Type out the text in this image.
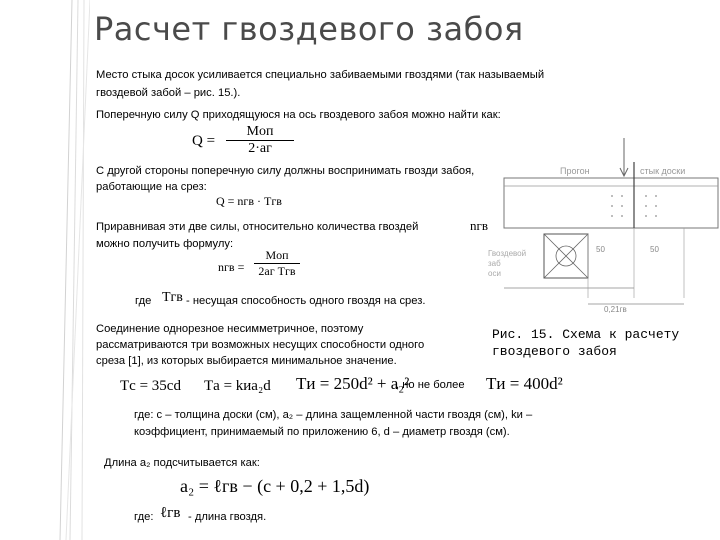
Расчет гвоздевого забоя
Место стыка досок усиливается специально забиваемыми гвоздями (так называемый
гвоздевой забой – рис. 15.).
Поперечную силу Q приходящуюся на ось гвоздевого забоя можно найти как:
Q =
Mоп
2·aг
С другой стороны поперечную силу должны воспринимать гвозди забоя,
работающие на срез:
Q = nгв · Tгв
Приравнивая эти две силы, относительно количества гвоздей	nгв
можно получить формулу:
nгв =
Mоп
2aг Tгв
где Tгв - несущая способность одного гвоздя на срез.
Соединение однорезное несимметричное, поэтому
рассматриваются три возможных несущих способности одного
среза [1], из которых выбирается минимальное значение.
Tс = 35cd Tа = kиa₂d Tи = 250d² + a₂²
, но не более Tи = 400d²
где: с – толщина доски (см), а₂ – длина защемленной части гвоздя (см), kи –
коэффициент, принимаемый по приложению 6, d – диаметр гвоздя (см).
Длина а₂ подсчитывается как:
a₂ = ℓгв − (c + 0,2 + 1,5d)
где: ℓгв - длина гвоздя.
Прогон	стык доски
Гвоздевой
заб
оси
50
0,21гв
50
Рис. 15. Схема к расчету
гвоздевого забоя
